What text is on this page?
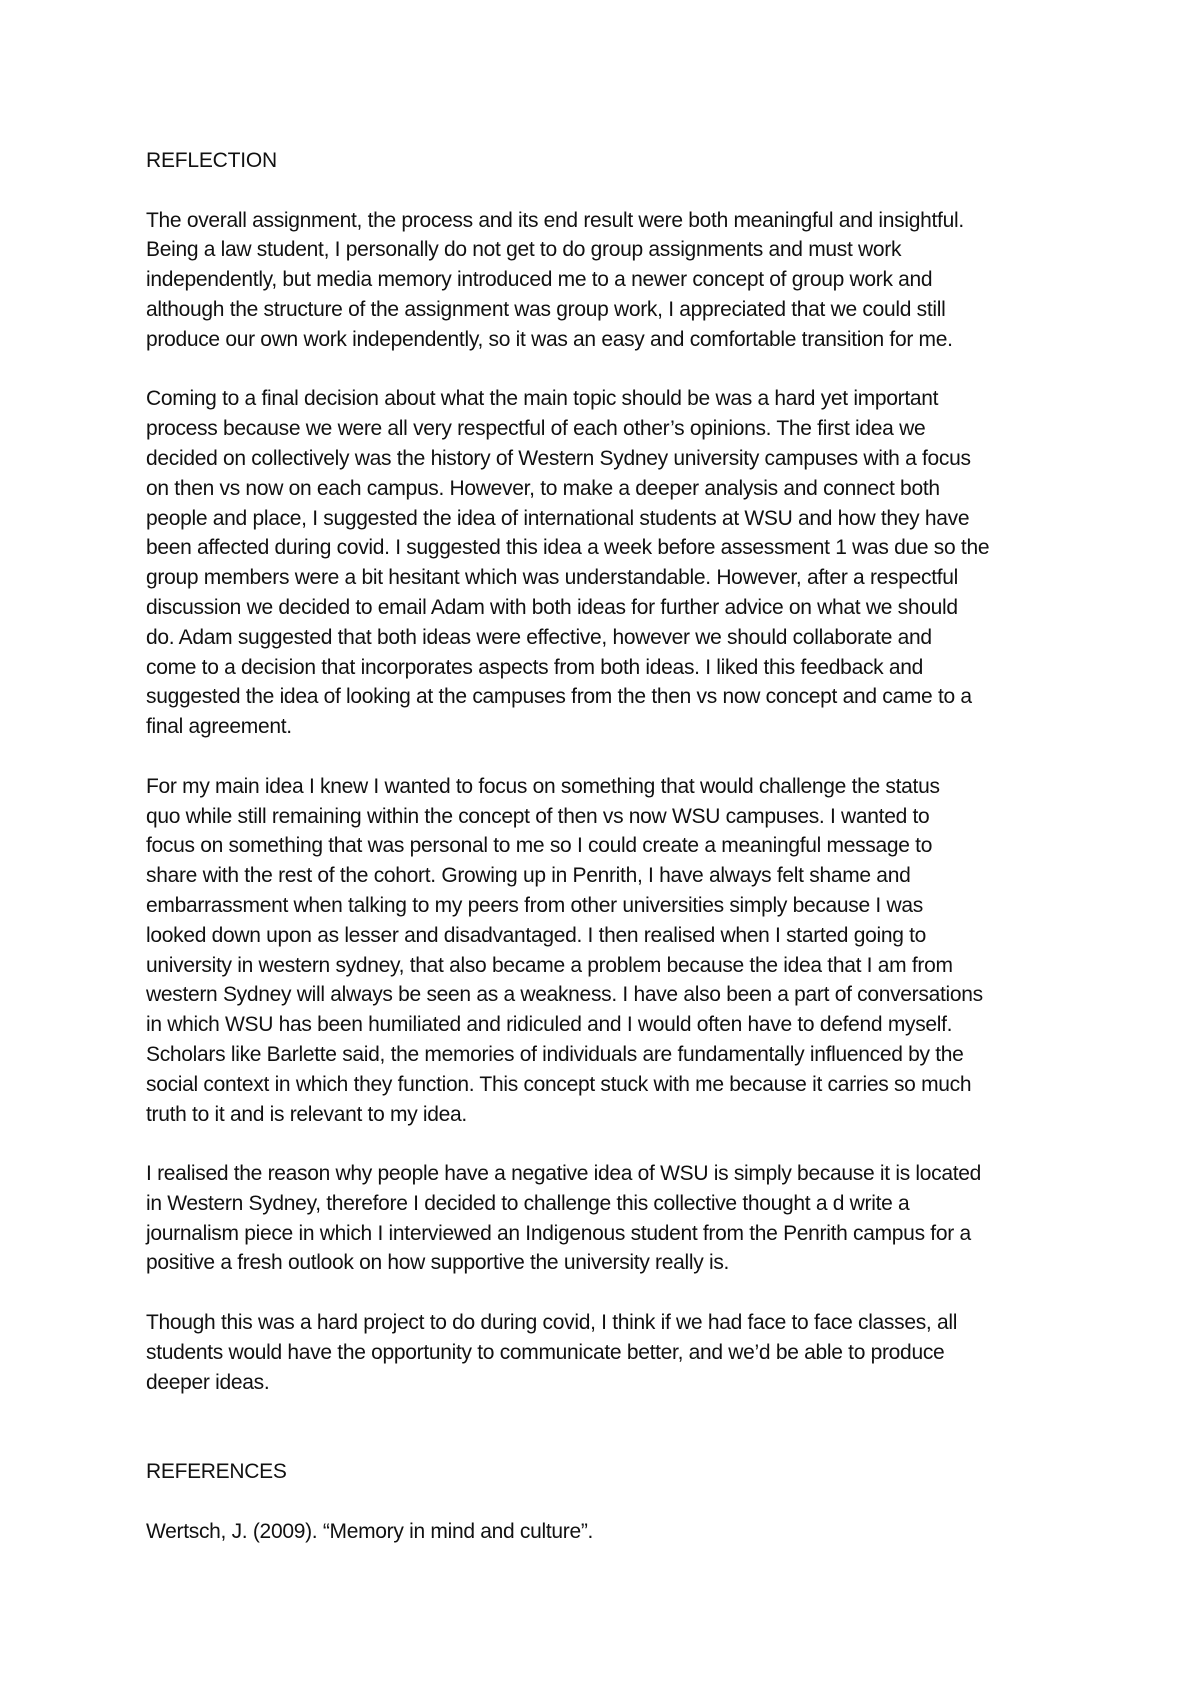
REFLECTION
The overall assignment, the process and its end result were both meaningful and insightful.
Being a law student, I personally do not get to do group assignments and must work
independently, but media memory introduced me to a newer concept of group work and
although the structure of the assignment was group work, I appreciated that we could still
produce our own work independently, so it was an easy and comfortable transition for me.
Coming to a final decision about what the main topic should be was a hard yet important
process because we were all very respectful of each other’s opinions. The first idea we
decided on collectively was the history of Western Sydney university campuses with a focus
on then vs now on each campus. However, to make a deeper analysis and connect both
people and place, I suggested the idea of international students at WSU and how they have
been affected during covid. I suggested this idea a week before assessment 1 was due so the
group members were a bit hesitant which was understandable. However, after a respectful
discussion we decided to email Adam with both ideas for further advice on what we should
do. Adam suggested that both ideas were effective, however we should collaborate and
come to a decision that incorporates aspects from both ideas. I liked this feedback and
suggested the idea of looking at the campuses from the then vs now concept and came to a
final agreement.
For my main idea I knew I wanted to focus on something that would challenge the status
quo while still remaining within the concept of then vs now WSU campuses. I wanted to
focus on something that was personal to me so I could create a meaningful message to
share with the rest of the cohort. Growing up in Penrith, I have always felt shame and
embarrassment when talking to my peers from other universities simply because I was
looked down upon as lesser and disadvantaged. I then realised when I started going to
university in western sydney, that also became a problem because the idea that I am from
western Sydney will always be seen as a weakness. I have also been a part of conversations
in which WSU has been humiliated and ridiculed and I would often have to defend myself.
Scholars like Barlette said, the memories of individuals are fundamentally influenced by the
social context in which they function. This concept stuck with me because it carries so much
truth to it and is relevant to my idea.
I realised the reason why people have a negative idea of WSU is simply because it is located
in Western Sydney, therefore I decided to challenge this collective thought a d write a
journalism piece in which I interviewed an Indigenous student from the Penrith campus for a
positive a fresh outlook on how supportive the university really is.
Though this was a hard project to do during covid, I think if we had face to face classes, all
students would have the opportunity to communicate better, and we’d be able to produce
deeper ideas.
REFERENCES
Wertsch, J. (2009). “Memory in mind and culture”.
